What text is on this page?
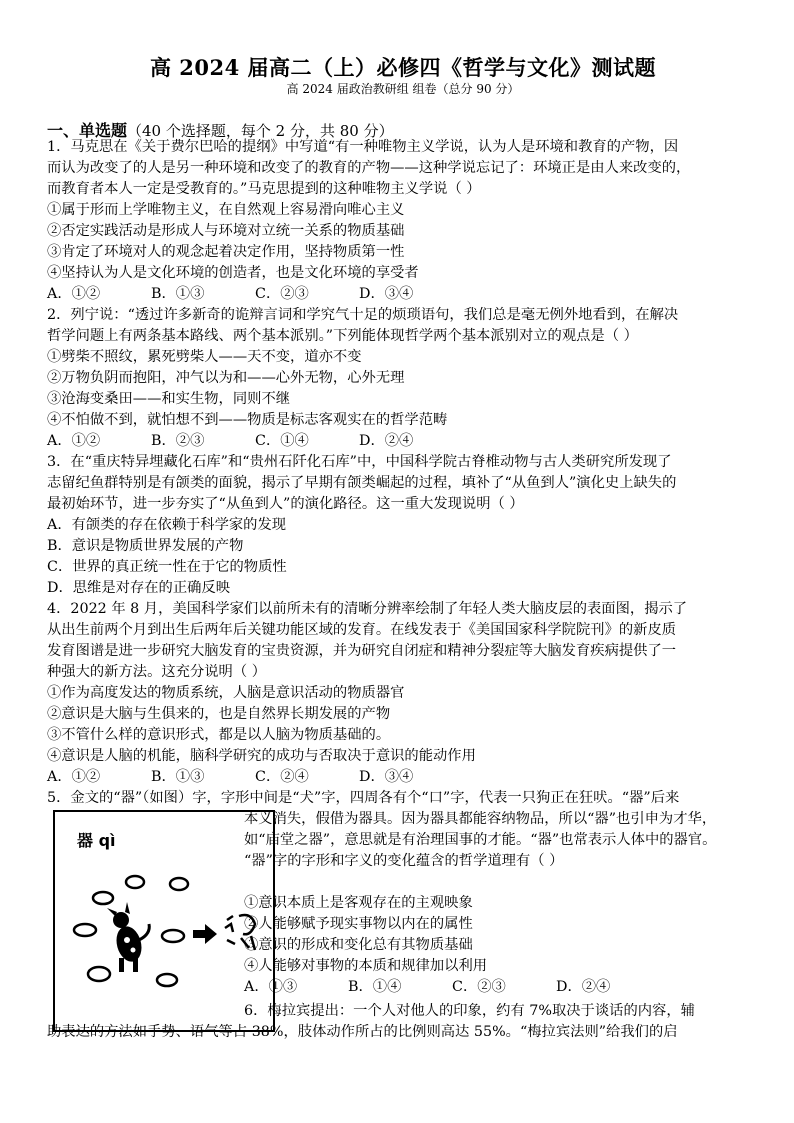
高 2024 届高二（上）必修四《哲学与文化》测试题
高 2024 届政治教研组 组卷（总分 90 分）
一、单选题（40 个选择题，每个 2 分，共 80 分）
1．马克思在《关于费尔巴哈的提纲》中写道“有一种唯物主义学说，认为人是环境和教育的产物，因
而认为改变了的人是另一种环境和改变了的教育的产物——这种学说忘记了：环境正是由人来改变的，
而教育者本人一定是受教育的。”马克思提到的这种唯物主义学说（ ）
①属于形而上学唯物主义，在自然观上容易滑向唯心主义
②否定实践活动是形成人与环境对立统一关系的物质基础
③肯定了环境对人的观念起着决定作用，坚持物质第一性
④坚持认为人是文化环境的创造者，也是文化环境的享受者
A．①②	B．①③	C．②③	D．③④
2．列宁说：“透过许多新奇的诡辩言词和学究气十足的烦琐语句，我们总是毫无例外地看到，在解决
哲学问题上有两条基本路线、两个基本派别。”下列能体现哲学两个基本派别对立的观点是（ ）
①劈柴不照纹，累死劈柴人——天不变，道亦不变
②万物负阴而抱阳，冲气以为和——心外无物，心外无理
③沧海变桑田——和实生物，同则不继
④不怕做不到，就怕想不到——物质是标志客观实在的哲学范畴
A．①②	B．②③	C．①④	D．②④
3．在“重庆特异埋藏化石库”和“贵州石阡化石库”中，中国科学院古脊椎动物与古人类研究所发现了
志留纪鱼群特别是有颌类的面貌，揭示了早期有颌类崛起的过程，填补了“从鱼到人”演化史上缺失的
最初始环节，进一步夯实了“从鱼到人”的演化路径。这一重大发现说明（ ）
A．有颌类的存在依赖于科学家的发现
B．意识是物质世界发展的产物
C．世界的真正统一性在于它的物质性
D．思维是对存在的正确反映
4．2022 年 8 月，美国科学家们以前所未有的清晰分辨率绘制了年轻人类大脑皮层的表面图，揭示了
从出生前两个月到出生后两年后关键功能区域的发育。在线发表于《美国国家科学院院刊》的新皮质
发育图谱是进一步研究大脑发育的宝贵资源，并为研究自闭症和精神分裂症等大脑发育疾病提供了一
种强大的新方法。这充分说明（ ）
①作为高度发达的物质系统，人脑是意识活动的物质器官
②意识是大脑与生俱来的，也是自然界长期发展的产物
③不管什么样的意识形式，都是以人脑为物质基础的。
④意识是人脑的机能，脑科学研究的成功与否取决于意识的能动作用
A．①②	B．①③	C．②④	D．③④
5．金文的“器”（如图）字，字形中间是“犬”字，四周各有个“口”字，代表一只狗正在狂吠。“器”后来
器 qì
本义消失，假借为器具。因为器具都能容纳物品，所以“器”也引申为才华，
如“庙堂之器”，意思就是有治理国事的才能。“器”也常表示人体中的器官。
“器”字的字形和字义的变化蕴含的哲学道理有（ ）
①意识本质上是客观存在的主观映象
②人能够赋予现实事物以内在的属性
③意识的形成和变化总有其物质基础
④人能够对事物的本质和规律加以利用
A．①③	B．①④	C．②③	D．②④
6．梅拉宾提出：一个人对他人的印象，约有 7%取决于谈话的内容，辅
助表达的方法如手势、语气等占 38%，肢体动作所占的比例则高达 55%。“梅拉宾法则”给我们的启
